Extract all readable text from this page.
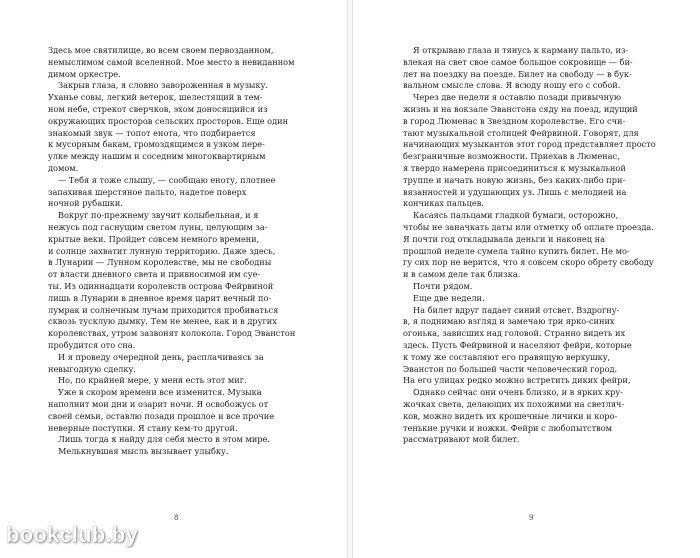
Здесь мое святилище, во всем своем первозданном,
немыслимом самой вселенной. Мое место в невиданном
димом оркестре.
Закрыв глаза, я словно завороженная в музыку.
Уханье совы, легкий ветерок, шелестящий в тем-
ном небе, стрекот сверчков, эхом доносящийся из
окружающих просторов сельских просторов. Еще один
знакомый звук — топот енота, что подбирается
к мусорным бакам, громоздящимся в узком пере-
улке между нашим и соседним многоквартирным
домом.
— Тебя я тоже слышу, — сообщаю еноту, плотнее
запахивая шерстяное пальто, надетое поверх
ночной рубашки.
Вокруг по-прежнему звучит колыбельная, и я
нежусь под гаснущим светом луны, целующим за-
крытые веки. Пройдет совсем немного времени,
и солнце захватит лунную территорию. Даже здесь,
в Лунарии — Лунном королевстве, мы не свободны
от власти дневного света и привносимой им суе-
ты. Из одиннадцати королевств острова Фейрвиной
лишь в Лунарии в дневное время царит вечный по-
лумрак и солнечным лучам приходится пробиваться
сквозь тусклую дымку. Тем не менее, как и в других
королевствах, утром зазвонят колокола. Город Эванстон
пробудится ото сна.
И я проведу очередной день, расплачиваясь за
невыгодную сделку.
Но, по крайней мере, у меня есть этот миг.
Уже в скором времени все изменится. Музыка
наполнит мои дни и озарит ночи. Я освобожусь от
своей семьи, оставлю позади прошлое и все прочие
неверные поступки. Я стану кем-то другой.
Лишь тогда я найду для себя место в этом мире.
Мелькнувшая мысль вызывает улыбку.
8
Я открываю глаза и тянусь к карману пальто, из-
влекая на свет свое самое большое сокровище — би-
лет на поездку на поезде. Билет на свободу — в бук-
вальном смысле слова. Я всюду ношу его с собой.
Через две недели я оставлю позади привычную
жизнь и на вокзале Эванстона сяду на поезд, идущий
в город Люменас в Звездном королевстве. Его счи-
тают музыкальной столицей Фейрвиной. Говорят, для
начинающих музыкантов этот город представляет просто
безграничные возможности. Приехав в Люменас,
я твердо намерена присоединиться к музыкальной
труппе и начать новую жизнь, без каких-либо при-
вязанностей и удушающих уз. Лишь с мелодией на
кончиках пальцев.
Касаясь пальцами гладкой бумаги, осторожно,
чтобы не заначкать даты или отметку об оплате проезда.
Я почти год откладывала деньги и наконец на
прошлой неделе сумела тайно купить билет. Не мо-
гу сих пор не верится, что я совсем скоро обрету свободу
и в самом деле так близка.
Почти рядом.
Еще две недели.
На билет вдруг падает синий отсвет. Вздрогну-
в, я поднимаю взгляд и замечаю три ярко-синих
огонька, зависших над головой. Странно видеть их
здесь. Пусть Фейрвиной и населяют фейри, которые
к тому же составляют его правящую верхушку,
Эванстон по большей части человеческий город.
На его улицах редко можно встретить диких фейри,
Однако сейчас они очень близко, и в ярких кру-
жочках света, делающих их похожими на светляч-
ков, можно видеть их крошечные личики и коро-
тенькие ручки и ножки. Фейри с любопытством
рассматривают мой билет.
9
bookclub.by
